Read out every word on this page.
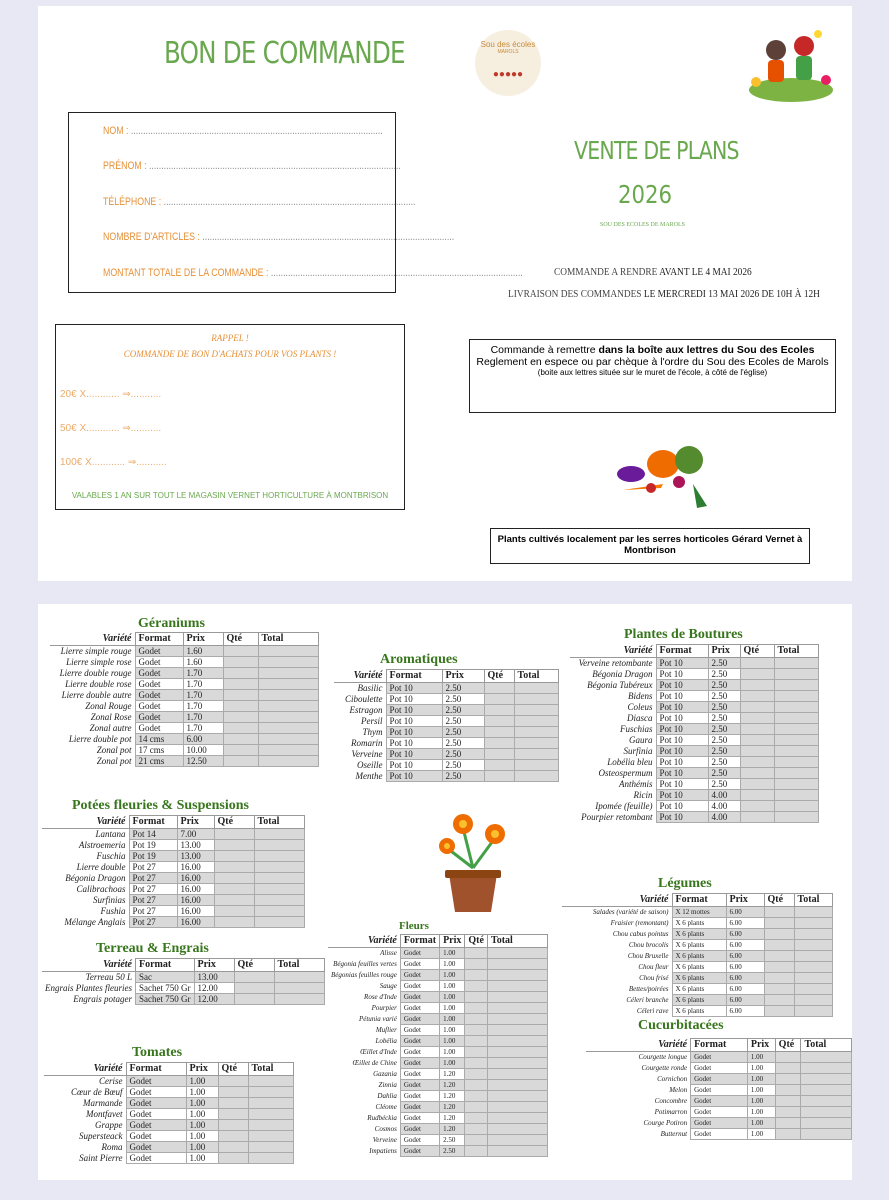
BON DE COMMANDE	Sou des écoles
MAROLS
●●●●●
NOM : .......................................................................................................
PRÉNOM : .......................................................................................................
TÉLÉPHONE : .......................................................................................................
NOMBRE D'ARTICLES : .......................................................................................................
MONTANT TOTALE DE LA COMMANDE : .......................................................................................................
RAPPEL !
COMMANDE DE BON D'ACHATS POUR VOS PLANTS !
20€ X............ ⇒...........
50€ X............ ⇒...........
100€ X............ ⇒...........
VALABLES 1 AN SUR TOUT LE MAGASIN VERNET HORTICULTURE À MONTBRISON
VENTE DE PLANS
2026
SOU DES ECOLES DE MAROLS
COMMANDE A RENDRE AVANT LE 4 MAI 2026
LIVRAISON DES COMMANDES LE MERCREDI 13 MAI 2026 DE 10H À 12H
Commande à remettre dans la boîte aux lettres du Sou des Ecoles
Reglement en espece ou par chèque à l'ordre du Sou des Ecoles de Marols
(boite aux lettres située sur le muret de l'école, à côté de l'église)
Plants cultivés localement par les serres horticoles Gérard Vernet à Montbrison
Géraniums
Variété	Format	Prix	Qté	Total
Lierre simple rouge	Godet	1.60		
Lierre simple rose	Godet	1.60		
Lierre double rouge	Godet	1.70		
Lierre double rose	Godet	1.70		
Lierre double autre	Godet	1.70		
Zonal Rouge	Godet	1.70		
Zonal Rose	Godet	1.70		
Zonal autre	Godet	1.70		
Lierre double pot	14 cms	6.00		
Zonal pot	17 cms	10.00		
Zonal pot	21 cms	12.50		
Potées fleuries & Suspensions
Variété	Format	Prix	Qté	Total
Lantana	Pot 14	7.00		
Alstroemeria	Pot 19	13.00		
Fuschia	Pot 19	13.00		
Lierre double	Pot 27	16.00		
Bégonia Dragon	Pot 27	16.00		
Calibrachoas	Pot 27	16.00		
Surfinias	Pot 27	16.00		
Fushia	Pot 27	16.00		
Mélange Anglais	Pot 27	16.00		
Terreau & Engrais
Variété	Format	Prix	Qté	Total
Terreau 50 L	Sac	13.00		
Engrais Plantes fleuries	Sachet 750 Gr	12.00		
Engrais potager	Sachet 750 Gr	12.00		
Tomates
Variété	Format	Prix	Qté	Total
Cerise	Godet	1.00		
Cœur de Bœuf	Godet	1.00		
Marmande	Godet	1.00		
Montfavet	Godet	1.00		
Grappe	Godet	1.00		
Supersteack	Godet	1.00		
Roma	Godet	1.00		
Saint Pierre	Godet	1.00		
Aromatiques
Variété	Format	Prix	Qté	Total
Basilic	Pot 10	2.50		
Ciboulette	Pot 10	2.50		
Estragon	Pot 10	2.50		
Persil	Pot 10	2.50		
Thym	Pot 10	2.50		
Romarin	Pot 10	2.50		
Verveine	Pot 10	2.50		
Oseille	Pot 10	2.50		
Menthe	Pot 10	2.50		
Fleurs
Variété	Format	Prix	Qté	Total
Alisse	Godet	1.00		
Bégonia feuilles vertes	Godet	1.00		
Bégonias feuilles rouge	Godet	1.00		
Sauge	Godet	1.00		
Rose d'Inde	Godet	1.00		
Pourpier	Godet	1.00		
Pétunia varié	Godet	1.00		
Muflier	Godet	1.00		
Lobélia	Godet	1.00		
Œillet d'Inde	Godet	1.00		
Œillet de Chine	Godet	1.00		
Gazania	Godet	1.20		
Zinnia	Godet	1.20		
Dahlia	Godet	1.20		
Cléome	Godet	1.20		
Rudbéckia	Godet	1.20		
Cosmos	Godet	1.20		
Verveine	Godet	2.50		
Impatiens	Godet	2.50		
Plantes de Boutures
Variété	Format	Prix	Qté	Total
Verveine retombante	Pot 10	2.50		
Bégonia Dragon	Pot 10	2.50		
Bégonia Tubéreux	Pot 10	2.50		
Bidens	Pot 10	2.50		
Coleus	Pot 10	2.50		
Diasca	Pot 10	2.50		
Fuschias	Pot 10	2.50		
Gaura	Pot 10	2.50		
Surfinia	Pot 10	2.50		
Lobélia bleu	Pot 10	2.50		
Osteospermum	Pot 10	2.50		
Anthémis	Pot 10	2.50		
Ricin	Pot 10	4.00		
Ipomée (feuille)	Pot 10	4.00		
Pourpier retombant	Pot 10	4.00		
Légumes
Variété	Format	Prix	Qté	Total
Salades (variété de saison)	X 12 mottes	6.00		
Fraisier (remontant)	X 6 plants	6.00		
Chou cabus pointus	X 6 plants	6.00		
Chou brocolis	X 6 plants	6.00		
Chou Bruxelle	X 6 plants	6.00		
Chou fleur	X 6 plants	6.00		
Chou frisé	X 6 plants	6.00		
Bettes/poirées	X 6 plants	6.00		
Céleri branche	X 6 plants	6.00		
Céleri rave	X 6 plants	6.00		
Cucurbitacées
Variété	Format	Prix	Qté	Total
Courgette longue	Godet	1.00		
Courgette ronde	Godet	1.00		
Cornichon	Godet	1.00		
Melon	Godet	1.00		
Concombre	Godet	1.00		
Potimarron	Godet	1.00		
Courge Potiron	Godet	1.00		
Butternut	Godet	1.00		
